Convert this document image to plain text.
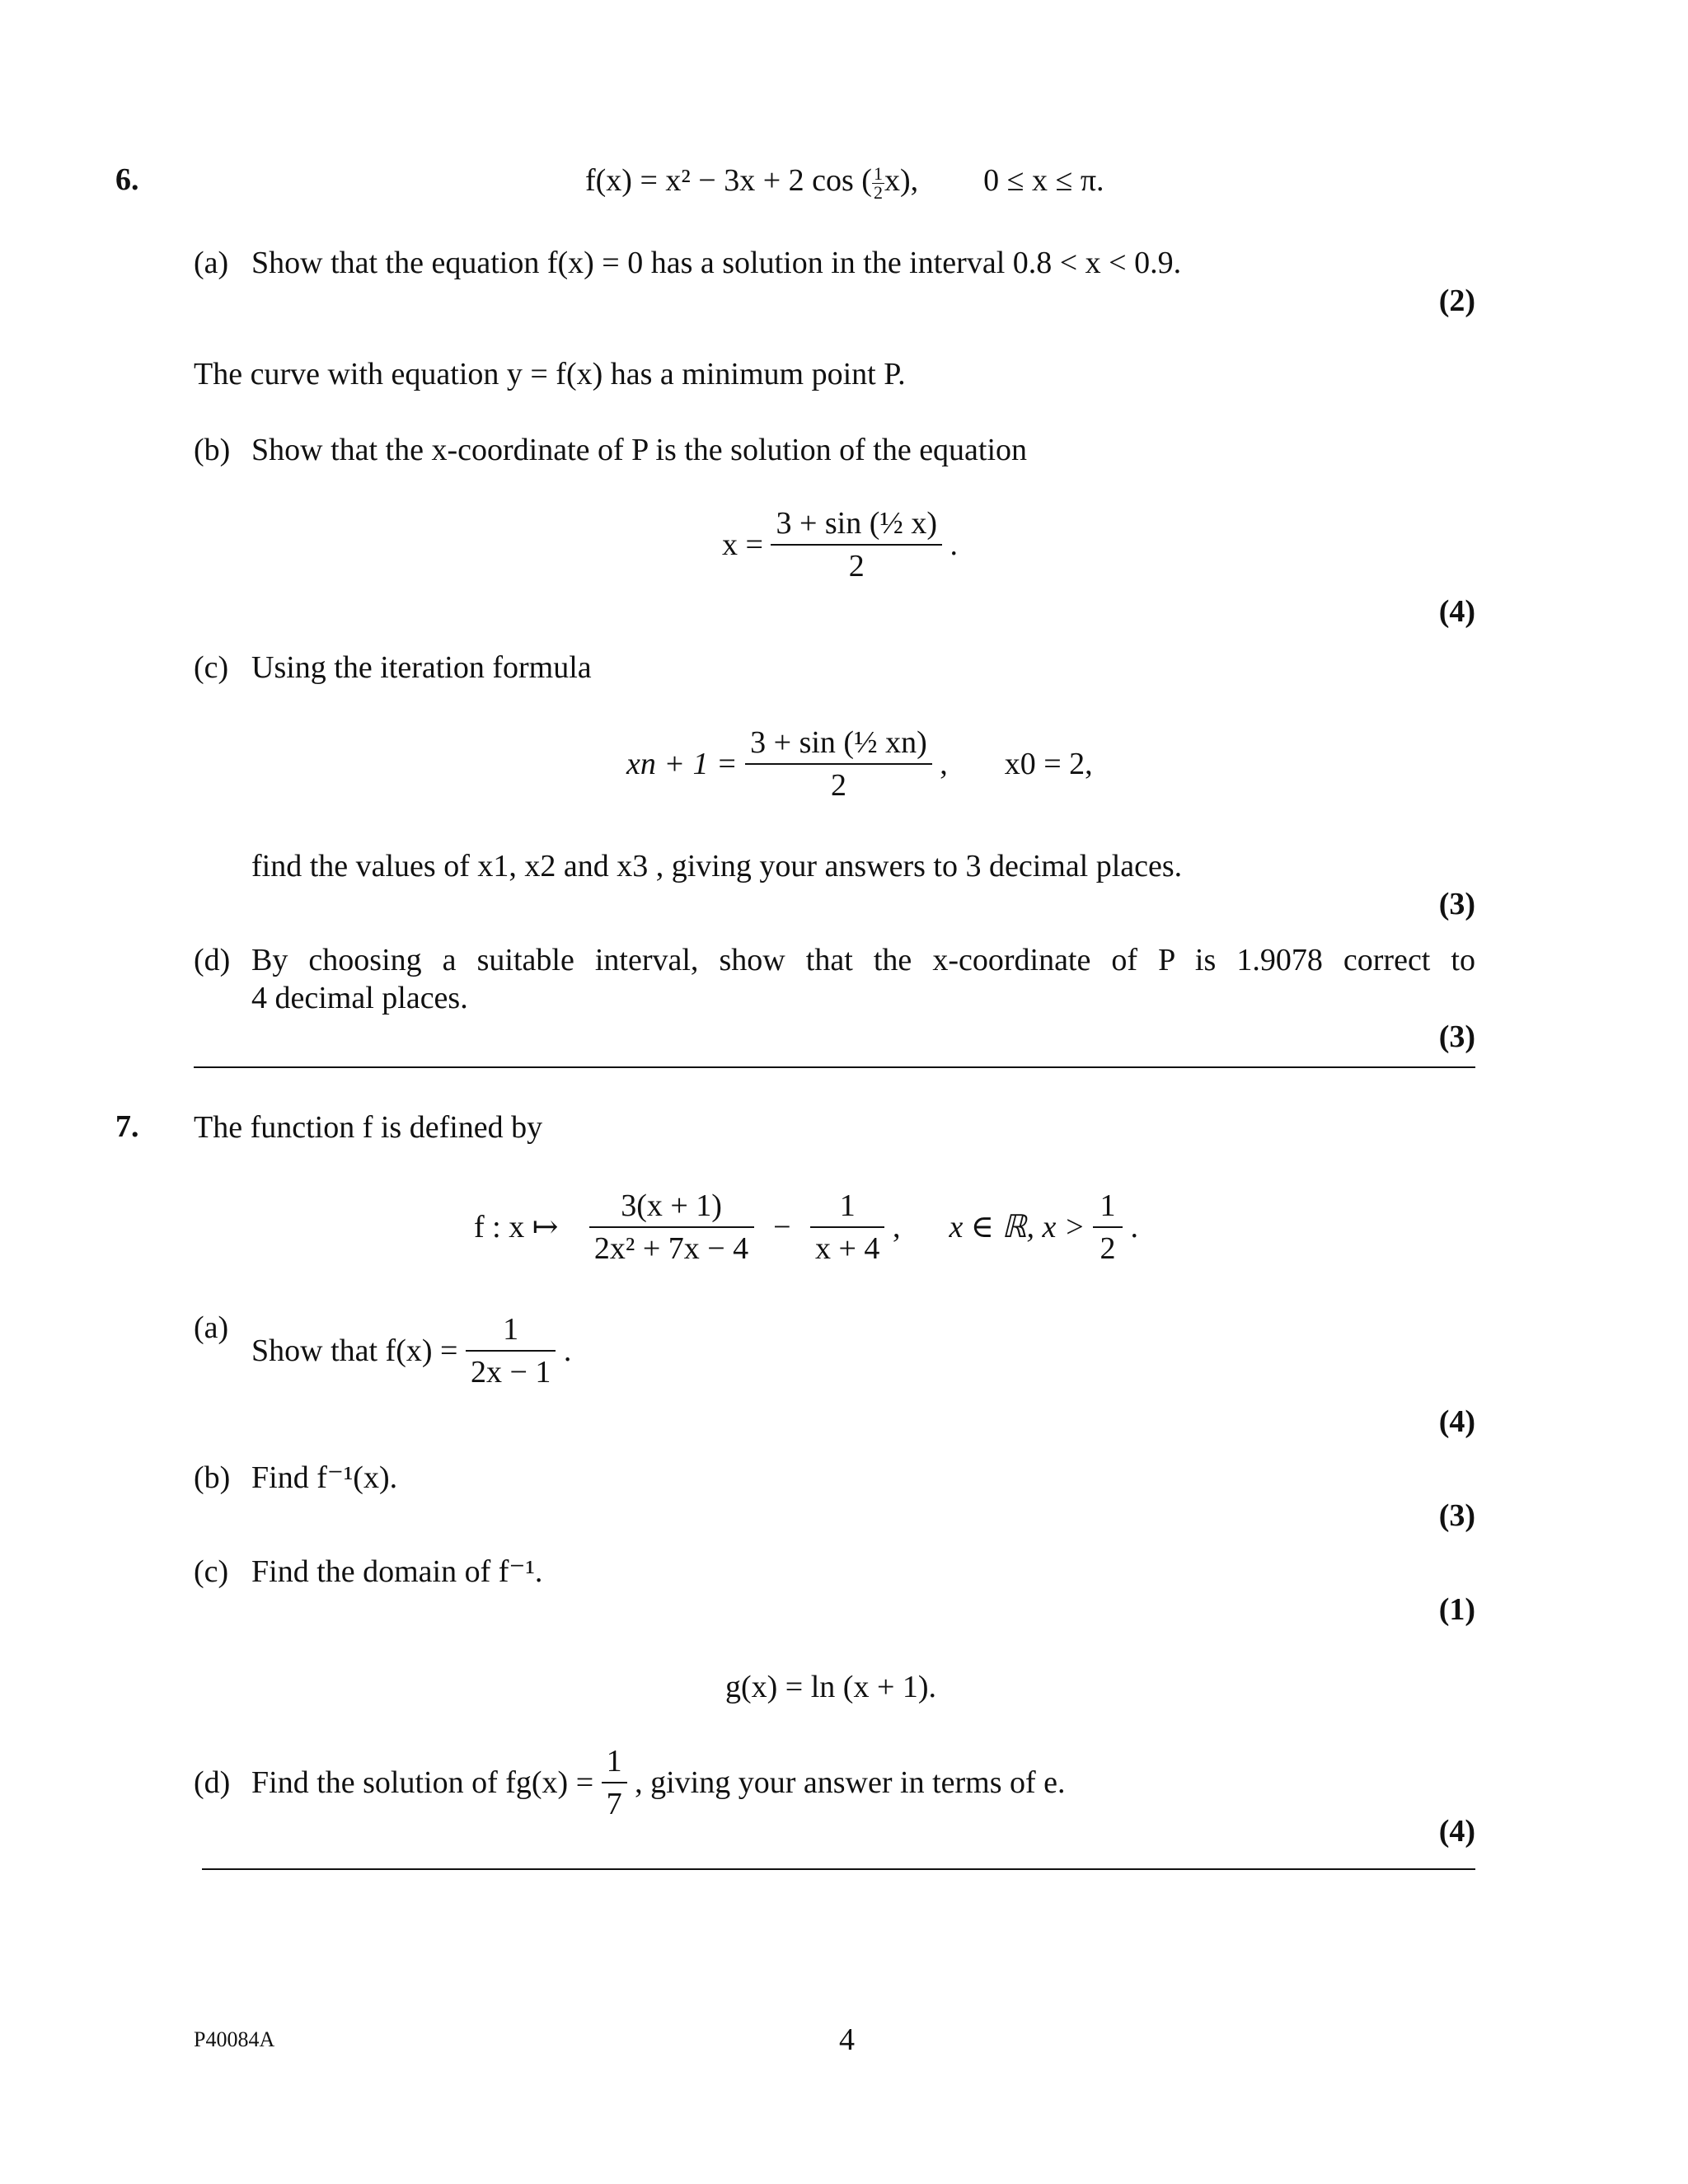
6.	f(x) = x² − 3x + 2 cos ( $\frac{1}{2} x$), 0 ≤ x ≤ π.
(a) Show that the equation f(x) = 0 has a solution in the interval 0.8 < x < 0.9.
(2)
The curve with equation y = f(x) has a minimum point P.
(b) Show that the x-coordinate of P is the solution of the equation
$x = \frac{\text{3 + sin (½ x)}}{2}$ .
(4)
(c) Using the iteration formula
xn + $1 = \frac{\text{3 + sin (½ xn)}}{2}$ , x0 = 2,
find the values of x1, x2 and x3 , giving your answers to 3 decimal places.
(3)
(d) By choosing a suitable interval, show that the x-coordinate of P is 1.9078 correct to
4 decimal places.
(3)
7. The function f is defined by
f : x ↦ $\frac{3(x + 1)}{\text{2x² + 7x − 4}} - \frac{1}{x + 4}$ , x ∈ ℝ, $x > \frac{1}{2}$ .
(a)
Show that $f(x) = \frac{1}{2x - 1}$ .
(4)
(b) Find f⁻¹(x).
(3)
(c) Find the domain of f⁻¹.
(1)
g(x) = ln (x + 1).
(d) Find the solution of $fg(x) = \frac{1}{7}$ , giving your answer in terms of e.
(4)
P40084A	4
